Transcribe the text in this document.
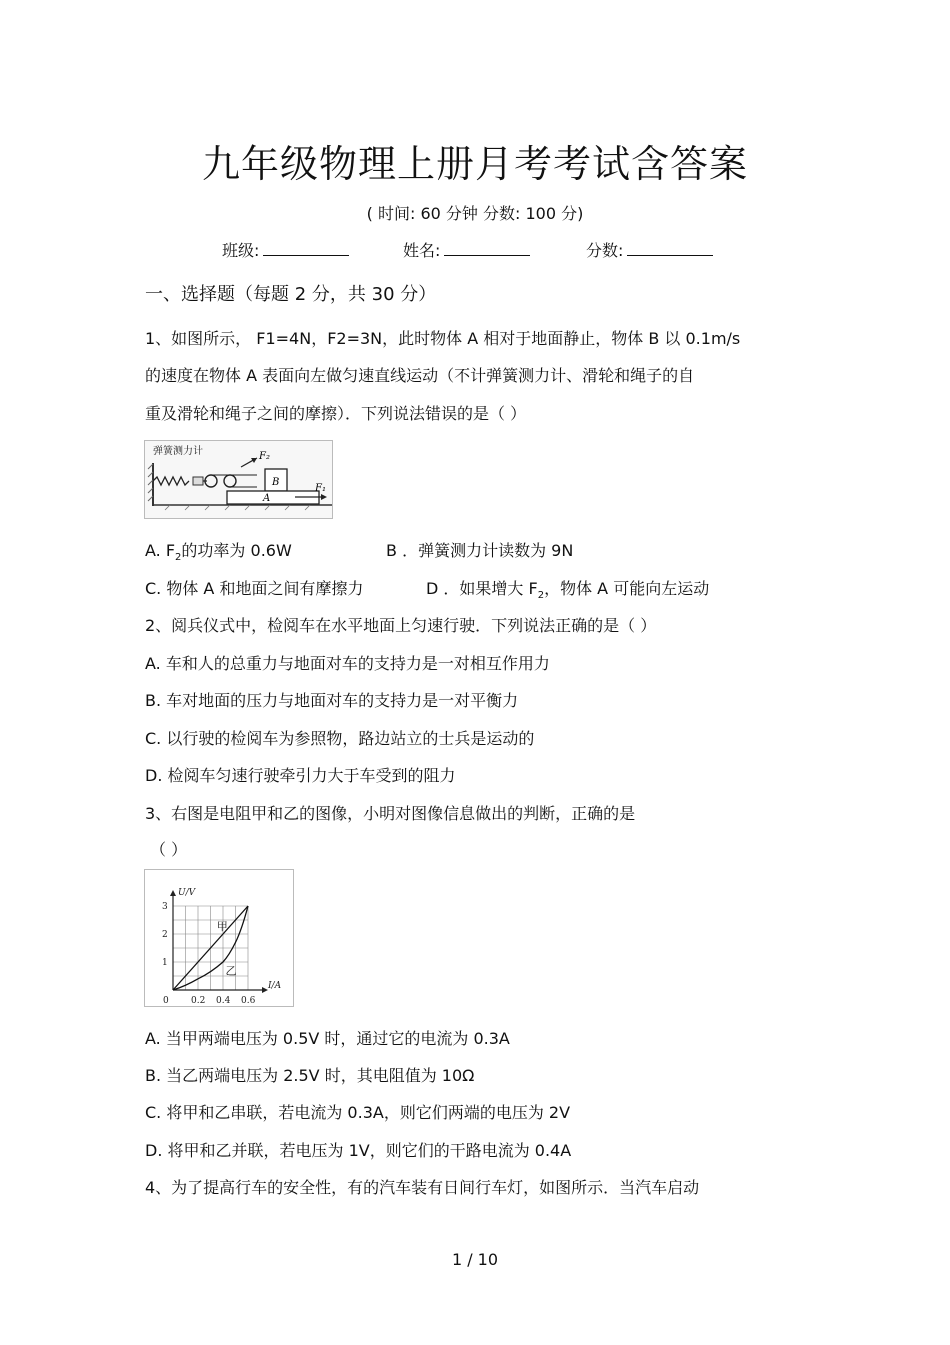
九年级物理上册月考考试含答案
( 时间: 60 分钟 分数: 100 分)
班级:	姓名:	分数:
一、选择题（每题 2 分，共 30 分）
1、如图所示， F1=4N，F2=3N，此时物体 A 相对于地面静止，物体 B 以 0.1m/s
的速度在物体 A 表面向左做匀速直线运动（不计弹簧测力计、滑轮和绳子的自
重及滑轮和绳子之间的摩擦）．下列说法错误的是（ ）
F₂
B
A
F₁
弹簧测力计
A. $F_2$的功率为 0.6W	B ．弹簧测力计读数为 9N
C. 物体 A 和地面之间有摩擦力	D ．如果增大 $F_2$，物体 A 可能向左运动
2、阅兵仪式中，检阅车在水平地面上匀速行驶．下列说法正确的是（ ）
A. 车和人的总重力与地面对车的支持力是一对相互作用力
B. 车对地面的压力与地面对车的支持力是一对平衡力
C. 以行驶的检阅车为参照物，路边站立的士兵是运动的
D. 检阅车匀速行驶牵引力大于车受到的阻力
3、右图是电阻甲和乙的图像，小明对图像信息做出的判断，正确的是
（ ）
甲
乙
0.2 0.4 0.6
1
2
3
0
I/A
U/V
A. 当甲两端电压为 0.5V 时，通过它的电流为 0.3A
B. 当乙两端电压为 2.5V 时，其电阻值为 10Ω
C. 将甲和乙串联，若电流为 0.3A，则它们两端的电压为 2V
D. 将甲和乙并联，若电压为 1V，则它们的干路电流为 0.4A
4、为了提高行车的安全性，有的汽车装有日间行车灯，如图所示．当汽车启动
1 / 10
